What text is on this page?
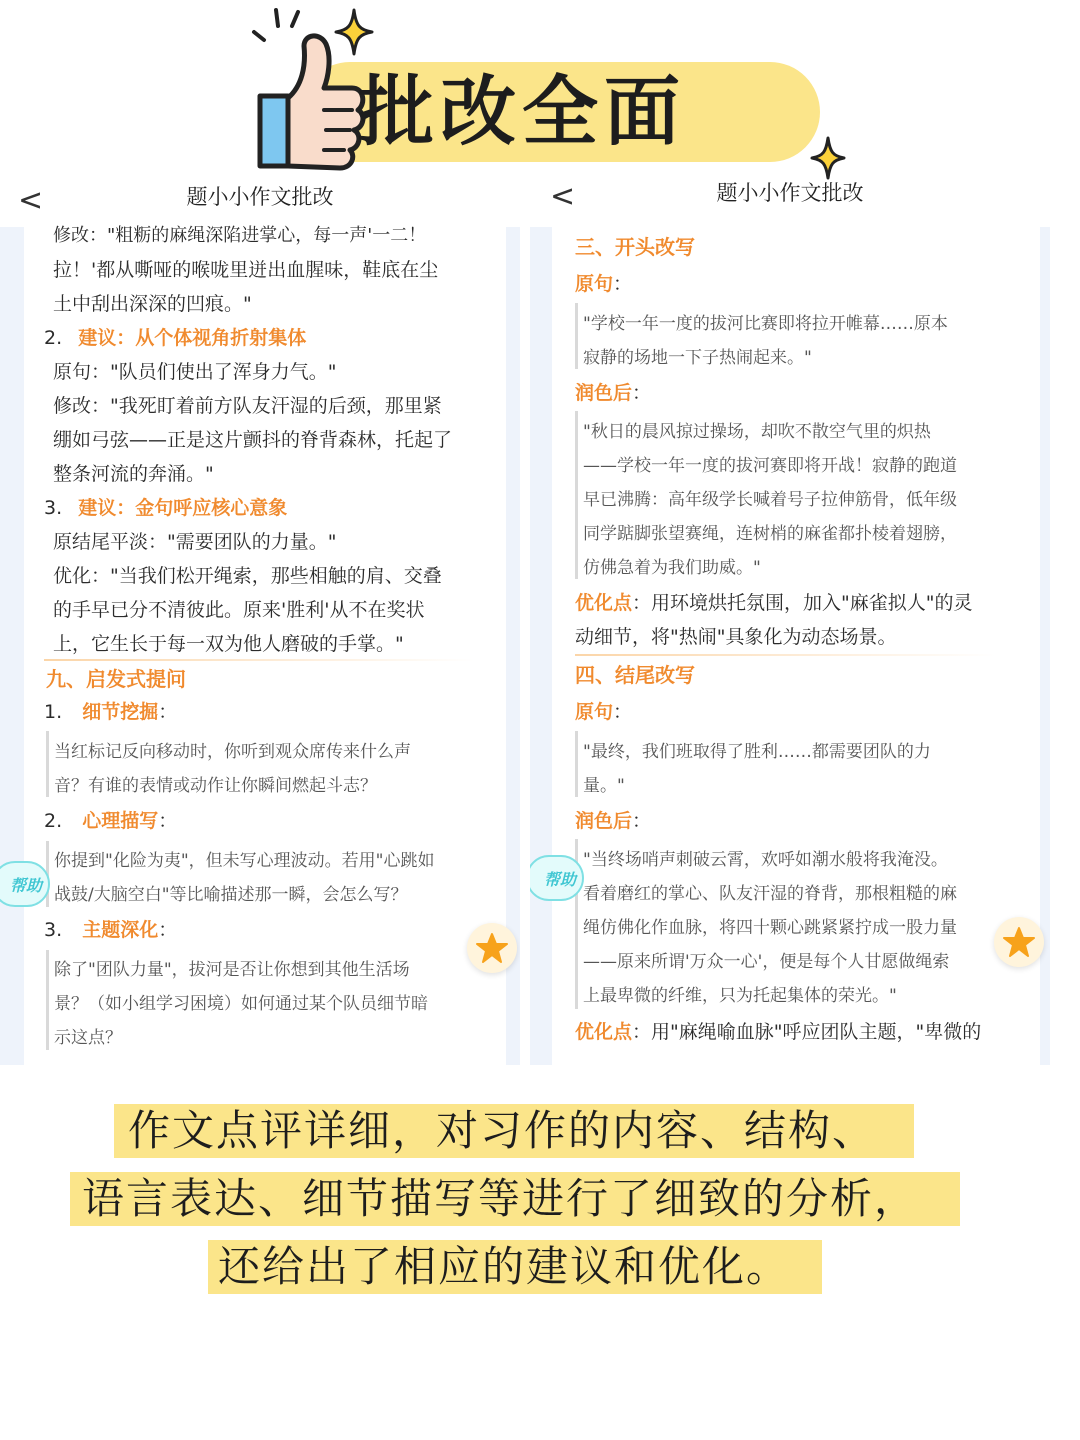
批改全面
<	题小小作文批改
修改："粗粝的麻绳深陷进掌心，每一声'一二！
拉！'都从嘶哑的喉咙里迸出血腥味，鞋底在尘
土中刮出深深的凹痕。"
2. 建议：从个体视角折射集体
原句："队员们使出了浑身力气。"
修改："我死盯着前方队友汗湿的后颈，那里紧
绷如弓弦——正是这片颤抖的脊背森林，托起了
整条河流的奔涌。"
3. 建议：金句呼应核心意象
原结尾平淡："需要团队的力量。"
优化："当我们松开绳索，那些相触的肩、交叠
的手早已分不清彼此。原来'胜利'从不在奖状
上，它生长于每一双为他人磨破的手掌。"
九、启发式提问
1. 细节挖掘：
当红标记反向移动时，你听到观众席传来什么声
音？有谁的表情或动作让你瞬间燃起斗志？
2. 心理描写：
你提到"化险为夷"，但未写心理波动。若用"心跳如
战鼓/大脑空白"等比喻描述那一瞬，会怎么写？
3. 主题深化：
除了"团队力量"，拔河是否让你想到其他生活场
景？（如小组学习困境）如何通过某个队员细节暗
示这点？
帮助
<	题小小作文批改
三、开头改写
原句：
"学校一年一度的拔河比赛即将拉开帷幕……原本
寂静的场地一下子热闹起来。"
润色后：
"秋日的晨风掠过操场，却吹不散空气里的炽热
——学校一年一度的拔河赛即将开战！寂静的跑道
早已沸腾：高年级学长喊着号子拉伸筋骨，低年级
同学踮脚张望赛绳，连树梢的麻雀都扑棱着翅膀，
仿佛急着为我们助威。"
优化点：用环境烘托氛围，加入"麻雀拟人"的灵
动细节，将"热闹"具象化为动态场景。
四、结尾改写
原句：
"最终，我们班取得了胜利……都需要团队的力
量。"
润色后：
"当终场哨声刺破云霄，欢呼如潮水般将我淹没。
看着磨红的掌心、队友汗湿的脊背，那根粗糙的麻
绳仿佛化作血脉，将四十颗心跳紧紧拧成一股力量
——原来所谓'万众一心'，便是每个人甘愿做绳索
上最卑微的纤维，只为托起集体的荣光。"
优化点：用"麻绳喻血脉"呼应团队主题，"卑微的
帮助
作文点评详细，对习作的内容、结构、
语言表达、细节描写等进行了细致的分析，
还给出了相应的建议和优化。
